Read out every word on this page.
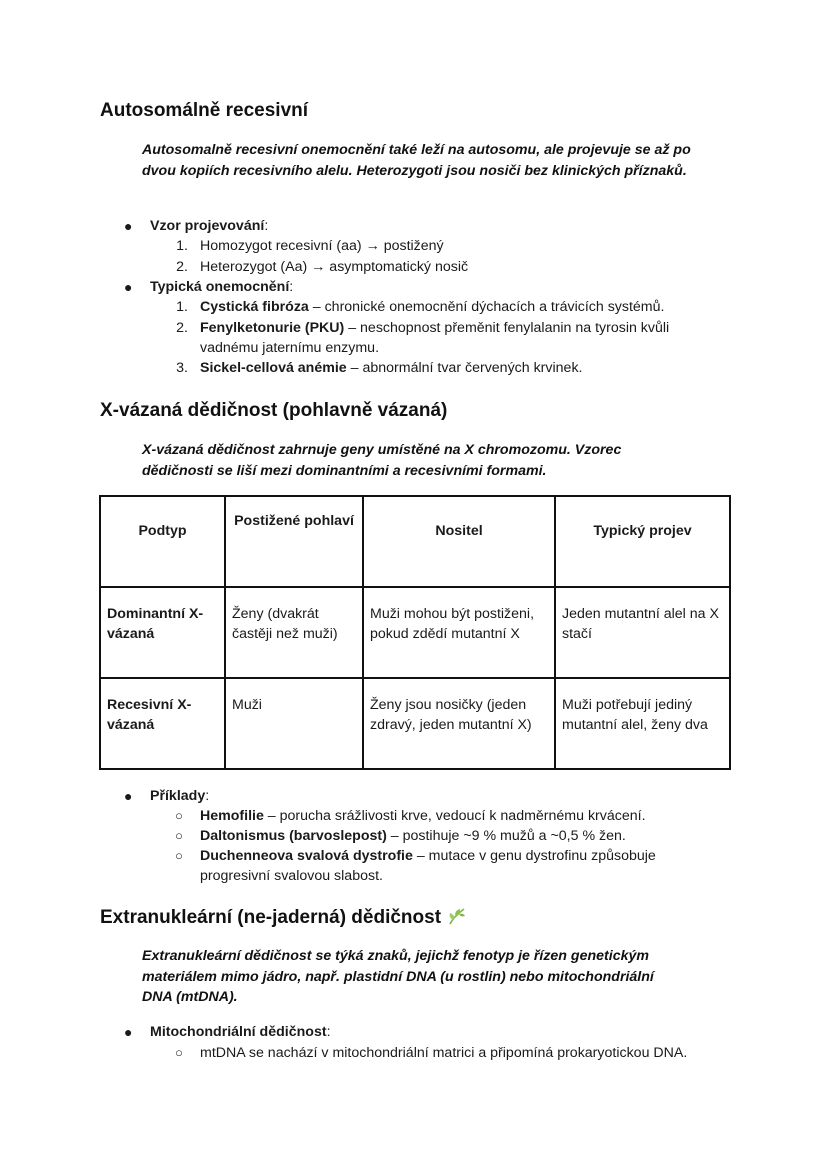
Autosomálně recesivní

Autosomalně recesivní onemocnění také leží na autosomu, ale projevuje se až po dvou kopiích recesivního alelu. Heterozygoti jsou nosiči bez klinických příznaků.

● Vzor projevování:
1. Homozygot recesivní (aa) → postižený
2. Heterozygot (Aa) → asymptomatický nosič
● Typická onemocnění:
1. Cystická fibróza – chronické onemocnění dýchacích a trávicích systémů.
2. Fenylketonurie (PKU) – neschopnost přeměnit fenylalanin na tyrosin kvůli
vadnému jaternímu enzymu.
3. Sickel-cellová anémie – abnormální tvar červených krvinek.
X-vázaná dědičnost (pohlavně vázaná)

X-vázaná dědičnost zahrnuje geny umístěné na X chromozomu. Vzorec dědičnosti se liší mezi dominantními a recesivními formami.

Podtyp	Postižené pohlaví	Nositel	Typický projev
Dominantní X-vázaná	Ženy (dvakrát častěji než muži)	Muži mohou být postiženi, pokud zdědí mutantní X	Jeden mutantní alel na X stačí
Recesivní X-vázaná	Muži	Ženy jsou nosičky (jeden zdravý, jeden mutantní X)	Muži potřebují jediný mutantní alel, ženy dva
● Příklady:
○ Hemofilie – porucha srážlivosti krve, vedoucí k nadměrnému krvácení.
○ Daltonismus (barvoslepost) – postihuje ~9 % mužů a ~0,5 % žen.
○ Duchenneova svalová dystrofie – mutace v genu dystrofinu způsobuje
progresivní svalovou slabost.
Extranukleární (ne-jaderná) dědičnost

Extranukleární dědičnost se týká znaků, jejichž fenotyp je řízen genetickým materiálem mimo jádro, např. plastidní DNA (u rostlin) nebo mitochondriální DNA (mtDNA).

● Mitochondriální dědičnost:
○ mtDNA se nachází v mitochondriální matrici a připomíná prokaryotickou DNA.
